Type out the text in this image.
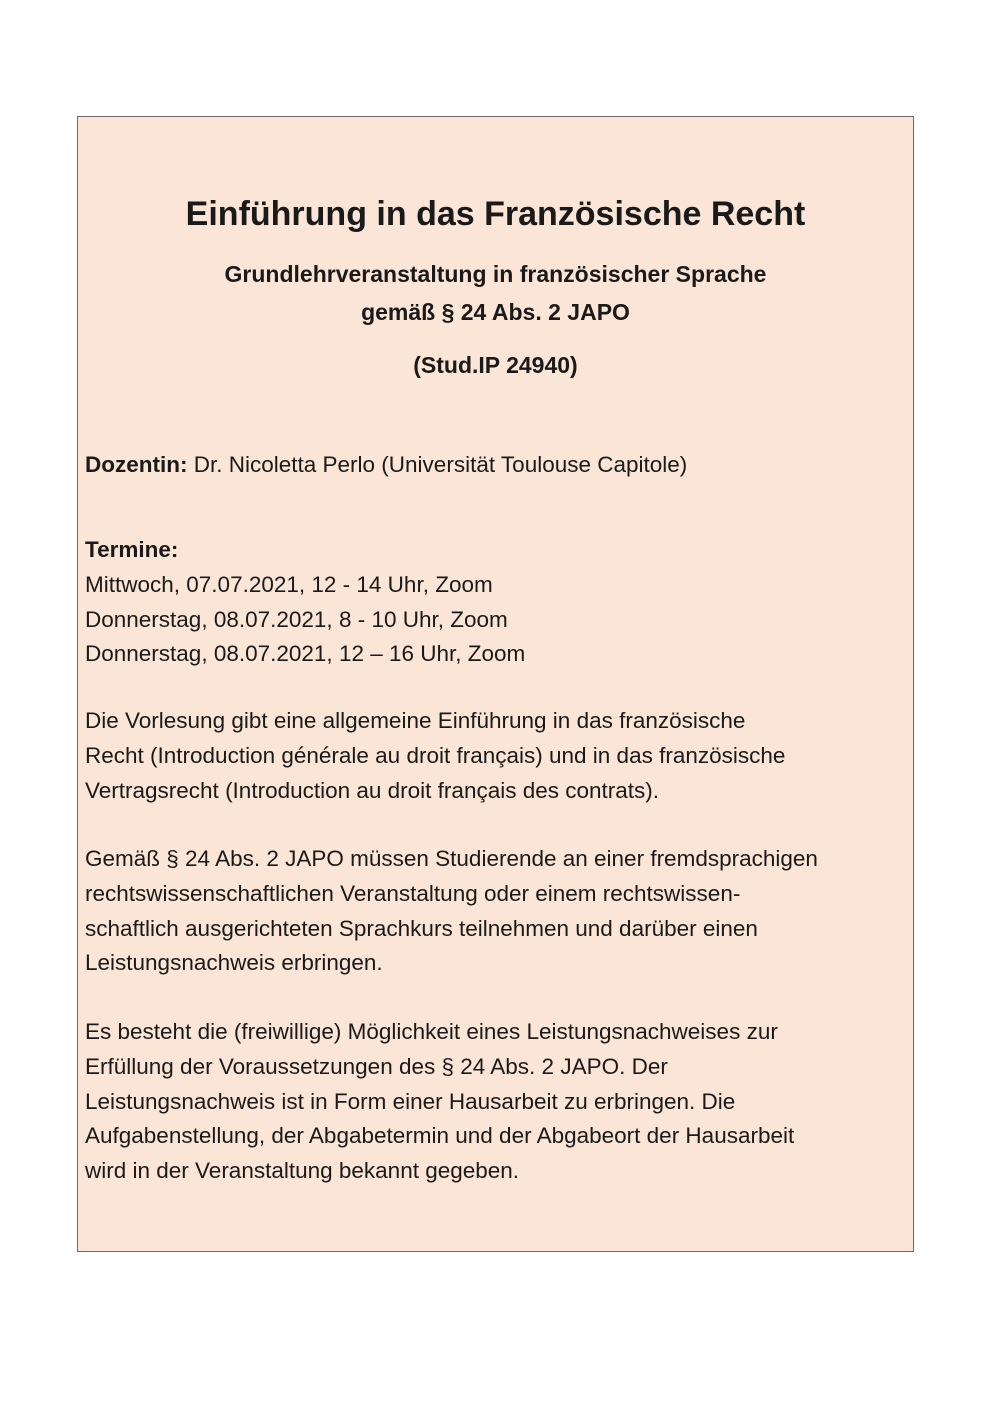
Einführung in das Französische Recht
Grundlehrveranstaltung in französischer Sprache
gemäß § 24 Abs. 2 JAPO
(Stud.IP 24940)
Dozentin: Dr. Nicoletta Perlo (Universität Toulouse Capitole)
Termine:
Mittwoch, 07.07.2021, 12 - 14 Uhr, Zoom
Donnerstag, 08.07.2021, 8 - 10 Uhr, Zoom
Donnerstag, 08.07.2021, 12 – 16 Uhr, Zoom
Die Vorlesung gibt eine allgemeine Einführung in das französische
Recht (Introduction générale au droit français) und in das französische
Vertragsrecht (Introduction au droit français des contrats).
Gemäß § 24 Abs. 2 JAPO müssen Studierende an einer fremdsprachigen
rechtswissenschaftlichen Veranstaltung oder einem rechtswissen-
schaftlich ausgerichteten Sprachkurs teilnehmen und darüber einen
Leistungsnachweis erbringen.
Es besteht die (freiwillige) Möglichkeit eines Leistungsnachweises zur
Erfüllung der Voraussetzungen des § 24 Abs. 2 JAPO. Der
Leistungsnachweis ist in Form einer Hausarbeit zu erbringen. Die
Aufgabenstellung, der Abgabetermin und der Abgabeort der Hausarbeit
wird in der Veranstaltung bekannt gegeben.
